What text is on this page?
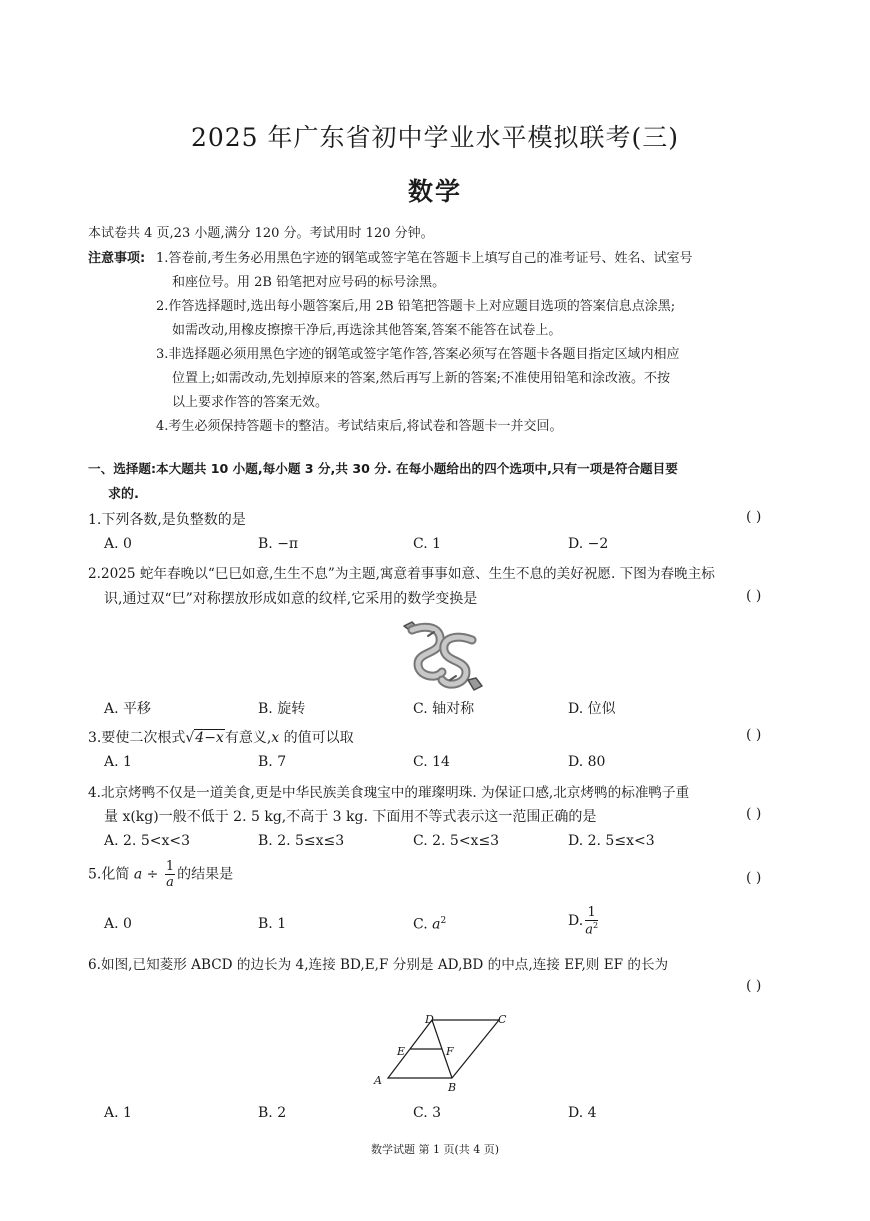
2025 年广东省初中学业水平模拟联考(三)
数学
本试卷共 4 页,23 小题,满分 120 分。考试用时 120 分钟。
注意事项: 1.答卷前,考生务必用黑色字迹的钢笔或签字笔在答题卡上填写自己的准考证号、姓名、试室号
和座位号。用 2B 铅笔把对应号码的标号涂黑。
2.作答选择题时,选出每小题答案后,用 2B 铅笔把答题卡上对应题目选项的答案信息点涂黑;
如需改动,用橡皮擦擦干净后,再选涂其他答案,答案不能答在试卷上。
3.非选择题必须用黑色字迹的钢笔或签字笔作答,答案必须写在答题卡各题目指定区域内相应
位置上;如需改动,先划掉原来的答案,然后再写上新的答案;不准使用铅笔和涂改液。不按
以上要求作答的答案无效。
4.考生必须保持答题卡的整洁。考试结束后,将试卷和答题卡一并交回。
一、选择题:本大题共 10 小题,每小题 3 分,共 30 分. 在每小题给出的四个选项中,只有一项是符合题目要
求的.
1.下列各数,是负整数的是	( )
A. 0	B. −π	C. 1	D. −2
2.2025 蛇年春晚以“巳巳如意,生生不息”为主题,寓意着事事如意、生生不息的美好祝愿. 下图为春晚主标
识,通过双“巳”对称摆放形成如意的纹样,它采用的数学变换是	( )
A. 平移	B. 旋转	C. 轴对称	D. 位似
3.要使二次根式√4−x有意义,x 的值可以取	( )
A. 1	B. 7	C. 14	D. 80
4.北京烤鸭不仅是一道美食,更是中华民族美食瑰宝中的璀璨明珠. 为保证口感,北京烤鸭的标准鸭子重
量 x(kg)一般不低于 2. 5 kg,不高于 3 kg. 下面用不等式表示这一范围正确的是	( )
A. 2. 5<x<3	B. 2. 5≤x≤3	C. 2. 5<x≤3	D. 2. 5≤x<3
5.化简 $a \div \frac{1}{a}$ 的结果是	( )
A. 0	B. 1	C. $a^2$	D. $\frac{1}{a^2}$
6.如图,已知菱形 ABCD 的边长为 4,连接 BD,E,F 分别是 AD,BD 的中点,连接 EF,则 EF 的长为
( )
A
B
C
D
E	F
A. 1	B. 2	C. 3	D. 4
数学试题 第 1 页(共 4 页)
